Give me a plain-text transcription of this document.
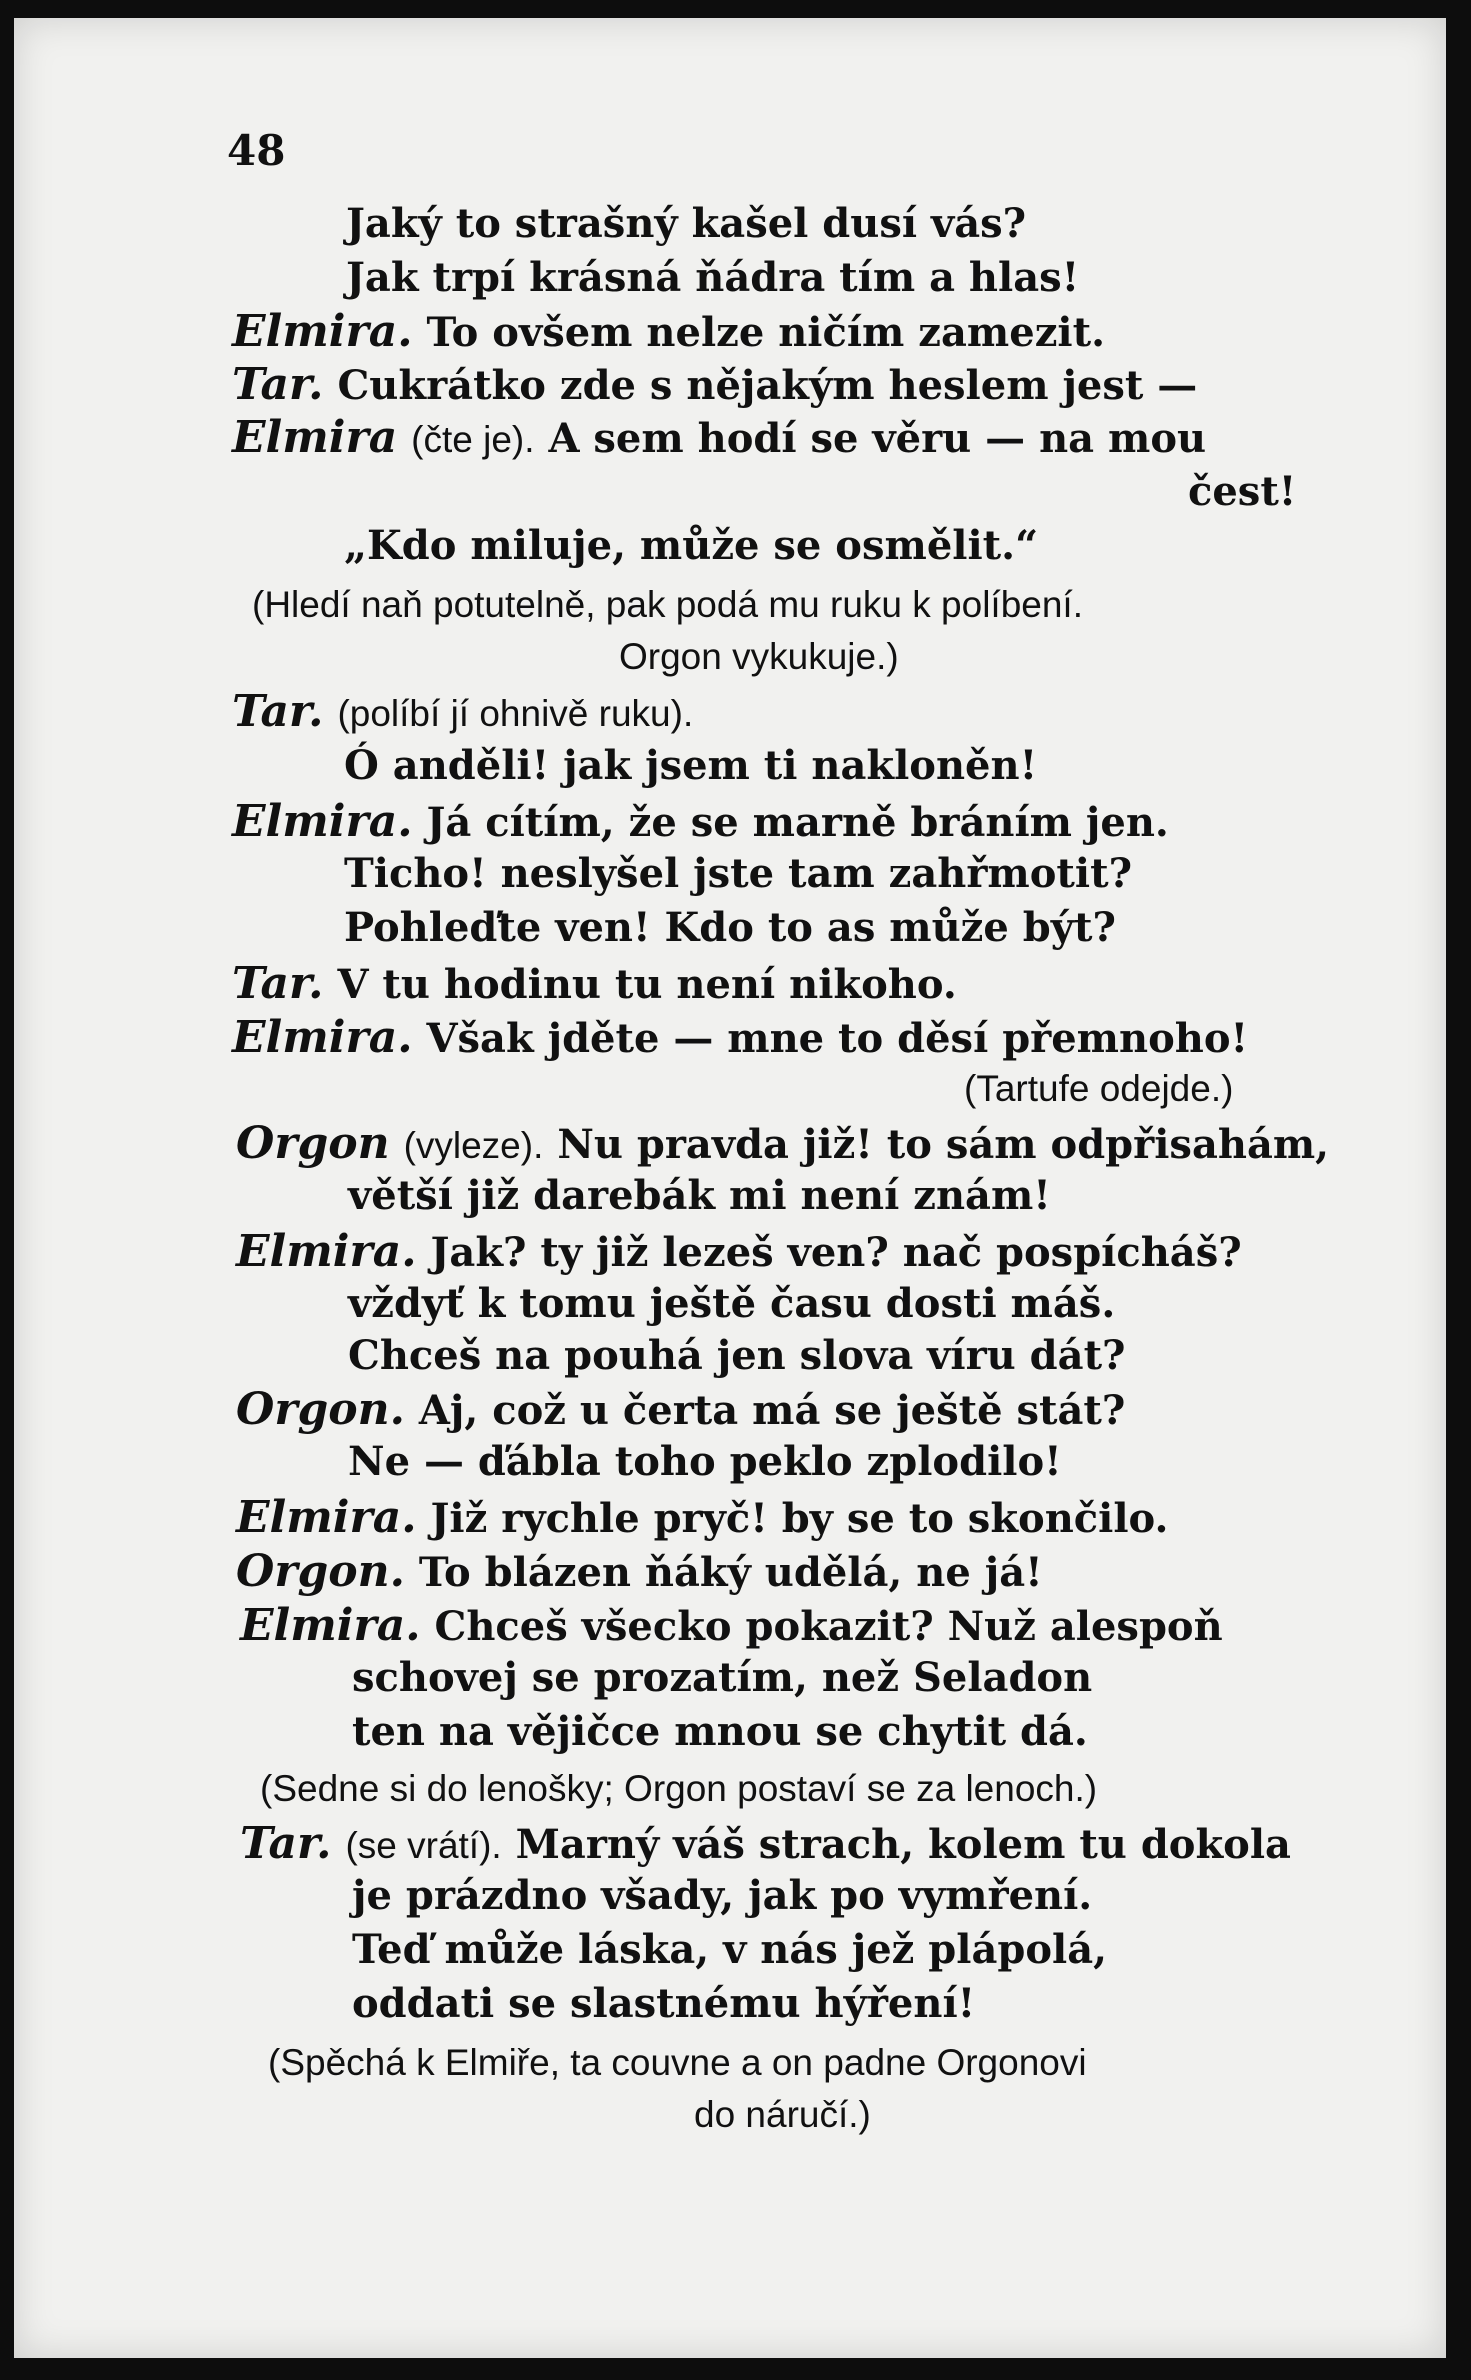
48
Jaký to strašný kašel dusí vás?
Jak trpí krásná ňádra tím a hlas!
Elmira. To ovšem nelze ničím zamezit.
Tar. Cukrátko zde s nějakým heslem jest —
Elmira (čte je). A sem hodí se věru — na mou
čest!
„Kdo miluje, může se osmělit.“
(Hledí naň potutelně, pak podá mu ruku k políbení.
Orgon vykukuje.)
Tar. (políbí jí ohnivě ruku).
Ó anděli! jak jsem ti nakloněn!
Elmira. Já cítím, že se marně bráním jen.
Ticho! neslyšel jste tam zahřmotit?
Pohleďte ven! Kdo to as může být?
Tar. V tu hodinu tu není nikoho.
Elmira. Však jděte — mne to děsí přemnoho!
(Tartufe odejde.)
Orgon (vyleze). Nu pravda již! to sám odpřisahám,
větší již darebák mi není znám!
Elmira. Jak? ty již lezeš ven? nač pospícháš?
vždyť k tomu ještě času dosti máš.
Chceš na pouhá jen slova víru dát?
Orgon. Aj, což u čerta má se ještě stát?
Ne — ďábla toho peklo zplodilo!
Elmira. Již rychle pryč! by se to skončilo.
Orgon. To blázen ňáký udělá, ne já!
Elmira. Chceš všecko pokazit? Nuž alespoň
schovej se prozatím, než Seladon
ten na vějičce mnou se chytit dá.
(Sedne si do lenošky; Orgon postaví se za lenoch.)
Tar. (se vrátí). Marný váš strach, kolem tu dokola
je prázdno všady, jak po vymření.
Teď může láska, v nás jež plápolá,
oddati se slastnému hýření!
(Spěchá k Elmiře, ta couvne a on padne Orgonovi
do náručí.)
